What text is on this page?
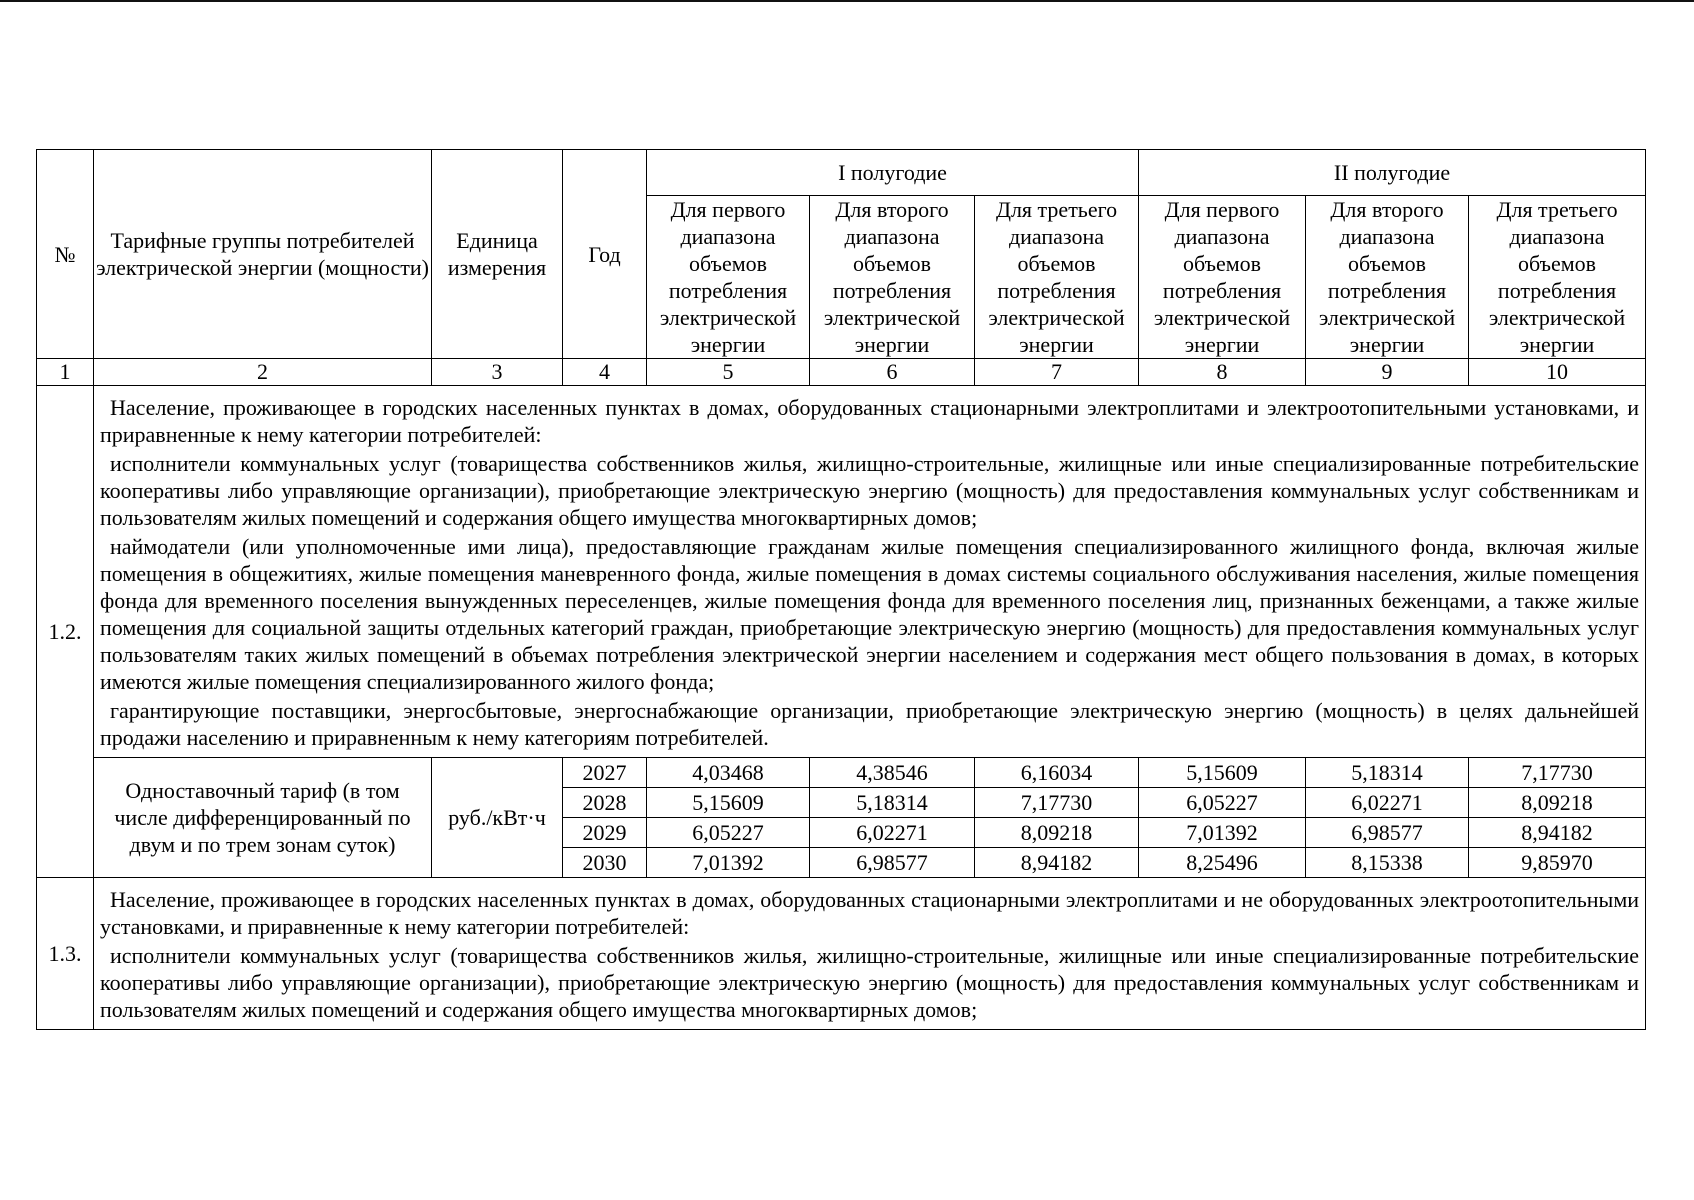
№	Тарифные группы потребителей электрической энергии (мощности)	Единица измерения	Год	I полугодие			II полугодие		
				Для первого диапазона объемов потребления электрической энергии	Для второго диапазона объемов потребления электрической энергии	Для третьего диапазона объемов потребления электрической энергии	Для первого диапазона объемов потребления электрической энергии	Для второго диапазона объемов потребления электрической энергии	Для третьего диапазона объемов потребления электрической энергии
1	2	3	4	5	6	7	8	9	10
1.2.	Население, проживающее в городских населенных пунктах в домах, оборудованных стационарными электроплитами и электроотопительными установками, и приравненные к нему категории потребителей:

исполнители коммунальных услуг (товарищества собственников жилья, жилищно-строительные, жилищные или иные специализированные потребительские кооперативы либо управляющие организации), приобретающие электрическую энергию (мощность) для предоставления коммунальных услуг собственникам и пользователям жилых помещений и содержания общего имущества многоквартирных домов;

наймодатели (или уполномоченные ими лица), предоставляющие гражданам жилые помещения специализированного жилищного фонда, включая жилые помещения в общежитиях, жилые помещения маневренного фонда, жилые помещения в домах системы социального обслуживания населения, жилые помещения фонда для временного поселения вынужденных переселенцев, жилые помещения фонда для временного поселения лиц, признанных беженцами, а также жилые помещения для социальной защиты отдельных категорий граждан, приобретающие электрическую энергию (мощность) для предоставления коммунальных услуг пользователям таких жилых помещений в объемах потребления электрической энергии населением и содержания мест общего пользования в домах, в которых имеются жилые помещения специализированного жилого фонда;

гарантирующие поставщики, энергосбытовые, энергоснабжающие организации, приобретающие электрическую энергию (мощность) в целях дальнейшей продажи населению и приравненным к нему категориям потребителей.								

	Одноставочный тариф (в том числе дифференцированный по двум и по трем зонам суток)	руб./кВт·ч	2027	4,03468	4,38546	6,16034	5,15609	5,18314	7,17730
			2028	5,15609	5,18314	7,17730	6,05227	6,02271	8,09218
			2029	6,05227	6,02271	8,09218	7,01392	6,98577	8,94182
			2030	7,01392	6,98577	8,94182	8,25496	8,15338	9,85970
1.3.	Население, проживающее в городских населенных пунктах в домах, оборудованных стационарными электроплитами и не оборудованных электроотопительными установками, и приравненные к нему категории потребителей:

исполнители коммунальных услуг (товарищества собственников жилья, жилищно-строительные, жилищные или иные специализированные потребительские кооперативы либо управляющие организации), приобретающие электрическую энергию (мощность) для предоставления коммунальных услуг собственникам и пользователям жилых помещений и содержания общего имущества многоквартирных домов;								
